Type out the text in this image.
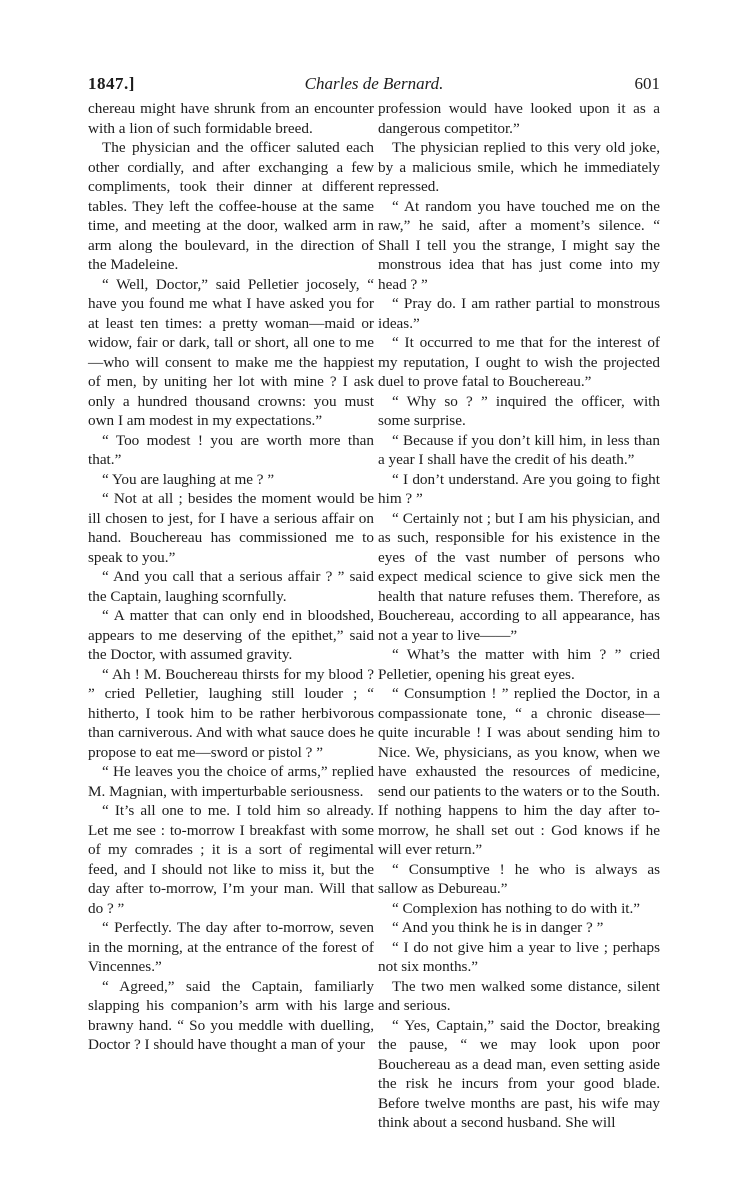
1847.]	Charles de Bernard.	601

chereau might have shrunk from an encounter with a lion of such formidable breed.

The physician and the officer saluted each other cordially, and after exchanging a few compliments, took their dinner at different tables. They left the coffee-house at the same time, and meeting at the door, walked arm in arm along the boulevard, in the direction of the Madeleine.

“ Well, Doctor,” said Pelletier jocosely, “ have you found me what I have asked you for at least ten times: a pretty woman—maid or widow, fair or dark, tall or short, all one to me—who will consent to make me the happiest of men, by uniting her lot with mine ? I ask only a hundred thousand crowns: you must own I am modest in my expectations.”

“ Too modest ! you are worth more than that.”

“ You are laughing at me ? ”

“ Not at all ; besides the moment would be ill chosen to jest, for I have a serious affair on hand. Bouchereau has commissioned me to speak to you.”

“ And you call that a serious affair ? ” said the Captain, laughing scornfully.

“ A matter that can only end in bloodshed, appears to me deserving of the epithet,” said the Doctor, with assumed gravity.

“ Ah ! M. Bouchereau thirsts for my blood ? ” cried Pelletier, laughing still louder ; “ hitherto, I took him to be rather herbivorous than carniverous. And with what sauce does he propose to eat me—sword or pistol ? ”

“ He leaves you the choice of arms,” replied M. Magnian, with imperturbable seriousness.

“ It’s all one to me. I told him so already. Let me see : to-morrow I breakfast with some of my comrades ; it is a sort of regimental feed, and I should not like to miss it, but the day after to-morrow, I’m your man. Will that do ? ”

“ Perfectly. The day after to-morrow, seven in the morning, at the entrance of the forest of Vincennes.”

“ Agreed,” said the Captain, familiarly slapping his companion’s arm with his large brawny hand. “ So you meddle with duelling, Doctor ? I should have thought a man of your

profession would have looked upon it as a dangerous competitor.”

The physician replied to this very old joke, by a malicious smile, which he immediately repressed.

“ At random you have touched me on the raw,” he said, after a moment’s silence. “ Shall I tell you the strange, I might say the monstrous idea that has just come into my head ? ”

“ Pray do. I am rather partial to monstrous ideas.”

“ It occurred to me that for the interest of my reputation, I ought to wish the projected duel to prove fatal to Bouchereau.”

“ Why so ? ” inquired the officer, with some surprise.

“ Because if you don’t kill him, in less than a year I shall have the credit of his death.”

“ I don’t understand. Are you going to fight him ? ”

“ Certainly not ; but I am his physician, and as such, responsible for his existence in the eyes of the vast number of persons who expect medical science to give sick men the health that nature refuses them. Therefore, as Bouchereau, according to all appearance, has not a year to live——”

“ What’s the matter with him ? ” cried Pelletier, opening his great eyes.

“ Consumption ! ” replied the Doctor, in a compassionate tone, “ a chronic disease—quite incurable ! I was about sending him to Nice. We, physicians, as you know, when we have exhausted the resources of medicine, send our patients to the waters or to the South. If nothing happens to him the day after to-morrow, he shall set out : God knows if he will ever return.”

“ Consumptive ! he who is always as sallow as Debureau.”

“ Complexion has nothing to do with it.”

“ And you think he is in danger ? ”

“ I do not give him a year to live ; perhaps not six months.”

The two men walked some distance, silent and serious.

“ Yes, Captain,” said the Doctor, breaking the pause, “ we may look upon poor Bouchereau as a dead man, even setting aside the risk he incurs from your good blade. Before twelve months are past, his wife may think about a second husband. She will
